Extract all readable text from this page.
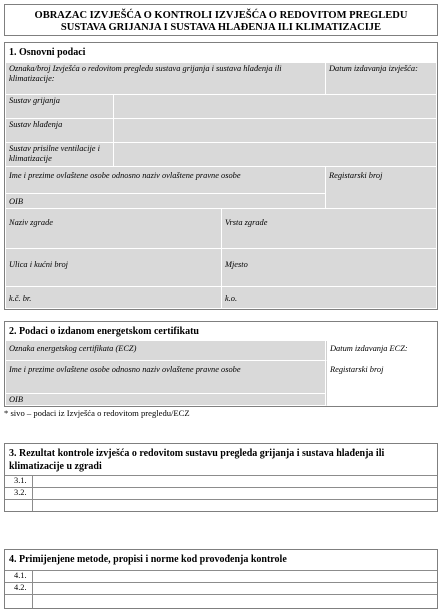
OBRAZAC IZVJEŠĆA O KONTROLI IZVJEŠĆA O REDOVITOM PREGLEDU
SUSTAVA GRIJANJA I SUSTAVA HLAĐENJA ILI KLIMATIZACIJE
1. Osnovni podaci
Oznaka/broj Izvješća o redovitom pregledu sustava grijanja i sustava hlađenja ili klimatizacije:
Datum izdavanja izvješća:
Sustav grijanja
Sustav hlađenja
Sustav prisilne ventilacije i klimatizacije
Ime i prezime ovlaštene osobe odnosno naziv ovlaštene pravne osobe	Registarski broj
OIB
Naziv zgrade	Vrsta zgrade
Ulica i kućni broj	Mjesto
k.č. br.	k.o.
2. Podaci o izdanom energetskom certifikatu
Oznaka energetskog certifikata (ECZ)	Datum izdavanja ECZ:
Ime i prezime ovlaštene osobe odnosno naziv ovlaštene pravne osobe	Registarski broj
OIB
* sivo – podaci iz Izvješća o redovitom pregledu/ECZ
3. Rezultat kontrole izvješća o redovitom sustavu pregleda grijanja i sustava hlađenja ili
klimatizacije u zgradi
3.1.
3.2.
4. Primijenjene metode, propisi i norme kod provođenja kontrole
4.1.
4.2.
